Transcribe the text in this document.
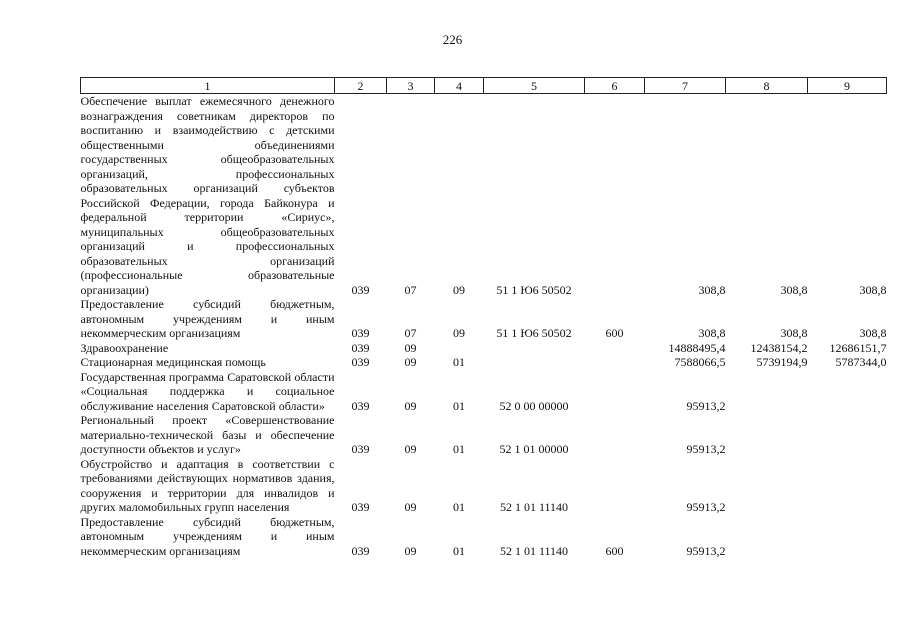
226
1	2	3	4	5	6	7	8	9
Обеспечение выплат ежемесячного денежного вознаграждения советникам директоров по воспитанию и взаимодействию с детскими общественными объединениями государственных общеобразовательных организаций, профессиональных образовательных организаций субъектов Российской Федерации, города Байконура и федеральной территории «Сириус», муниципальных общеобразовательных организаций и профессиональных образовательных организаций (профессиональные образовательные организации)	039	07	09	51 1 Ю6 50502		308,8	308,8	308,8
Предоставление субсидий бюджетным, автономным учреждениям и иным некоммерческим организациям	039	07	09	51 1 Ю6 50502	600	308,8	308,8	308,8
Здравоохранение	039	09				14888495,4	12438154,2	12686151,7
Стационарная медицинская помощь	039	09	01			7588066,5	5739194,9	5787344,0
Государственная программа Саратовской области «Социальная поддержка и социальное обслуживание населения Саратовской области»	039	09	01	52 0 00 00000		95913,2		
Региональный проект «Совершенствование материально-технической базы и обеспечение доступности объектов и услуг»	039	09	01	52 1 01 00000		95913,2		
Обустройство и адаптация в соответствии с требованиями действующих нормативов здания, сооружения и территории для инвалидов и других маломобильных групп населения	039	09	01	52 1 01 11140		95913,2		
Предоставление субсидий бюджетным, автономным учреждениям и иным некоммерческим организациям	039	09	01	52 1 01 11140	600	95913,2		
